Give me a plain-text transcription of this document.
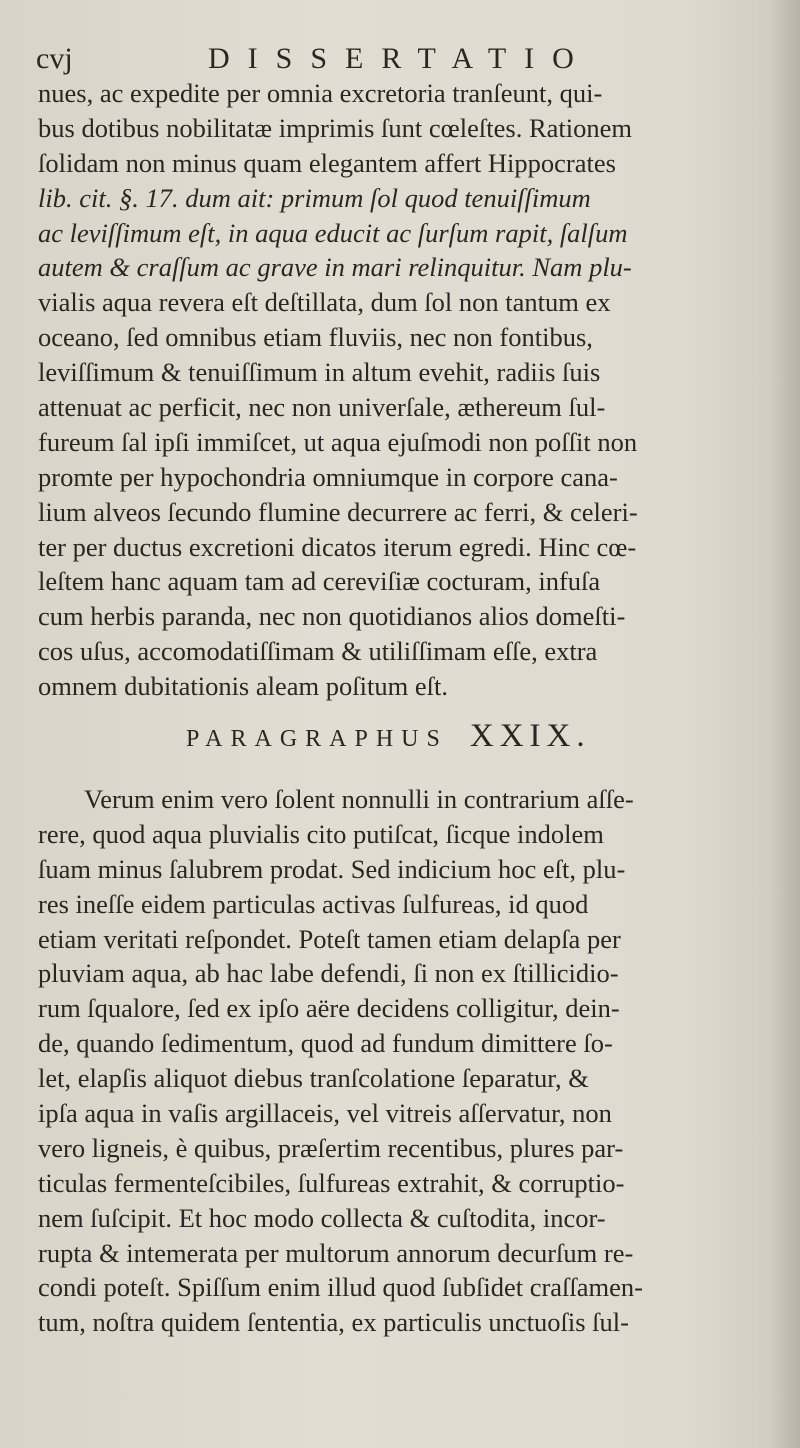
cvj	DISSERTATIO
nues, ac expedite per omnia excretoria tranſeunt, qui-
bus dotibus nobilitatæ imprimis ſunt cœleſtes. Rationem
ſolidam non minus quam elegantem affert Hippocrates
lib. cit. §. 17. dum ait: primum ſol quod tenuiſſimum
ac leviſſimum eſt, in aqua educit ac ſurſum rapit, ſalſum
autem & craſſum ac grave in mari relinquitur. Nam plu-
vialis aqua revera eſt deſtillata, dum ſol non tantum ex
oceano, ſed omnibus etiam fluviis, nec non fontibus,
leviſſimum & tenuiſſimum in altum evehit, radiis ſuis
attenuat ac perficit, nec non univerſale, æthereum ſul-
fureum ſal ipſi immiſcet, ut aqua ejuſmodi non poſſit non
promte per hypochondria omniumque in corpore cana-
lium alveos ſecundo flumine decurrere ac ferri, & celeri-
ter per ductus excretioni dicatos iterum egredi. Hinc cœ-
leſtem hanc aquam tam ad cereviſiæ cocturam, infuſa
cum herbis paranda, nec non quotidianos alios domeſti-
cos uſus, accomodatiſſimam & utiliſſimam eſſe, extra
omnem dubitationis aleam poſitum eſt.
PARAGRAPHUS XXIX.
Verum enim vero ſolent nonnulli in contrarium aſſe-
rere, quod aqua pluvialis cito putiſcat, ſicque indolem
ſuam minus ſalubrem prodat. Sed indicium hoc eſt, plu-
res ineſſe eidem particulas activas ſulfureas, id quod
etiam veritati reſpondet. Poteſt tamen etiam delapſa per
pluviam aqua, ab hac labe defendi, ſi non ex ſtillicidio-
rum ſqualore, ſed ex ipſo aëre decidens colligitur, dein-
de, quando ſedimentum, quod ad fundum dimittere ſo-
let, elapſis aliquot diebus tranſcolatione ſeparatur, &
ipſa aqua in vaſis argillaceis, vel vitreis aſſervatur, non
vero ligneis, è quibus, præſertim recentibus, plures par-
ticulas fermenteſcibiles, ſulfureas extrahit, & corruptio-
nem ſuſcipit. Et hoc modo collecta & cuſtodita, incor-
rupta & intemerata per multorum annorum decurſum re-
condi poteſt. Spiſſum enim illud quod ſubſidet craſſamen-
tum, noſtra quidem ſententia, ex particulis unctuoſis ſul-
